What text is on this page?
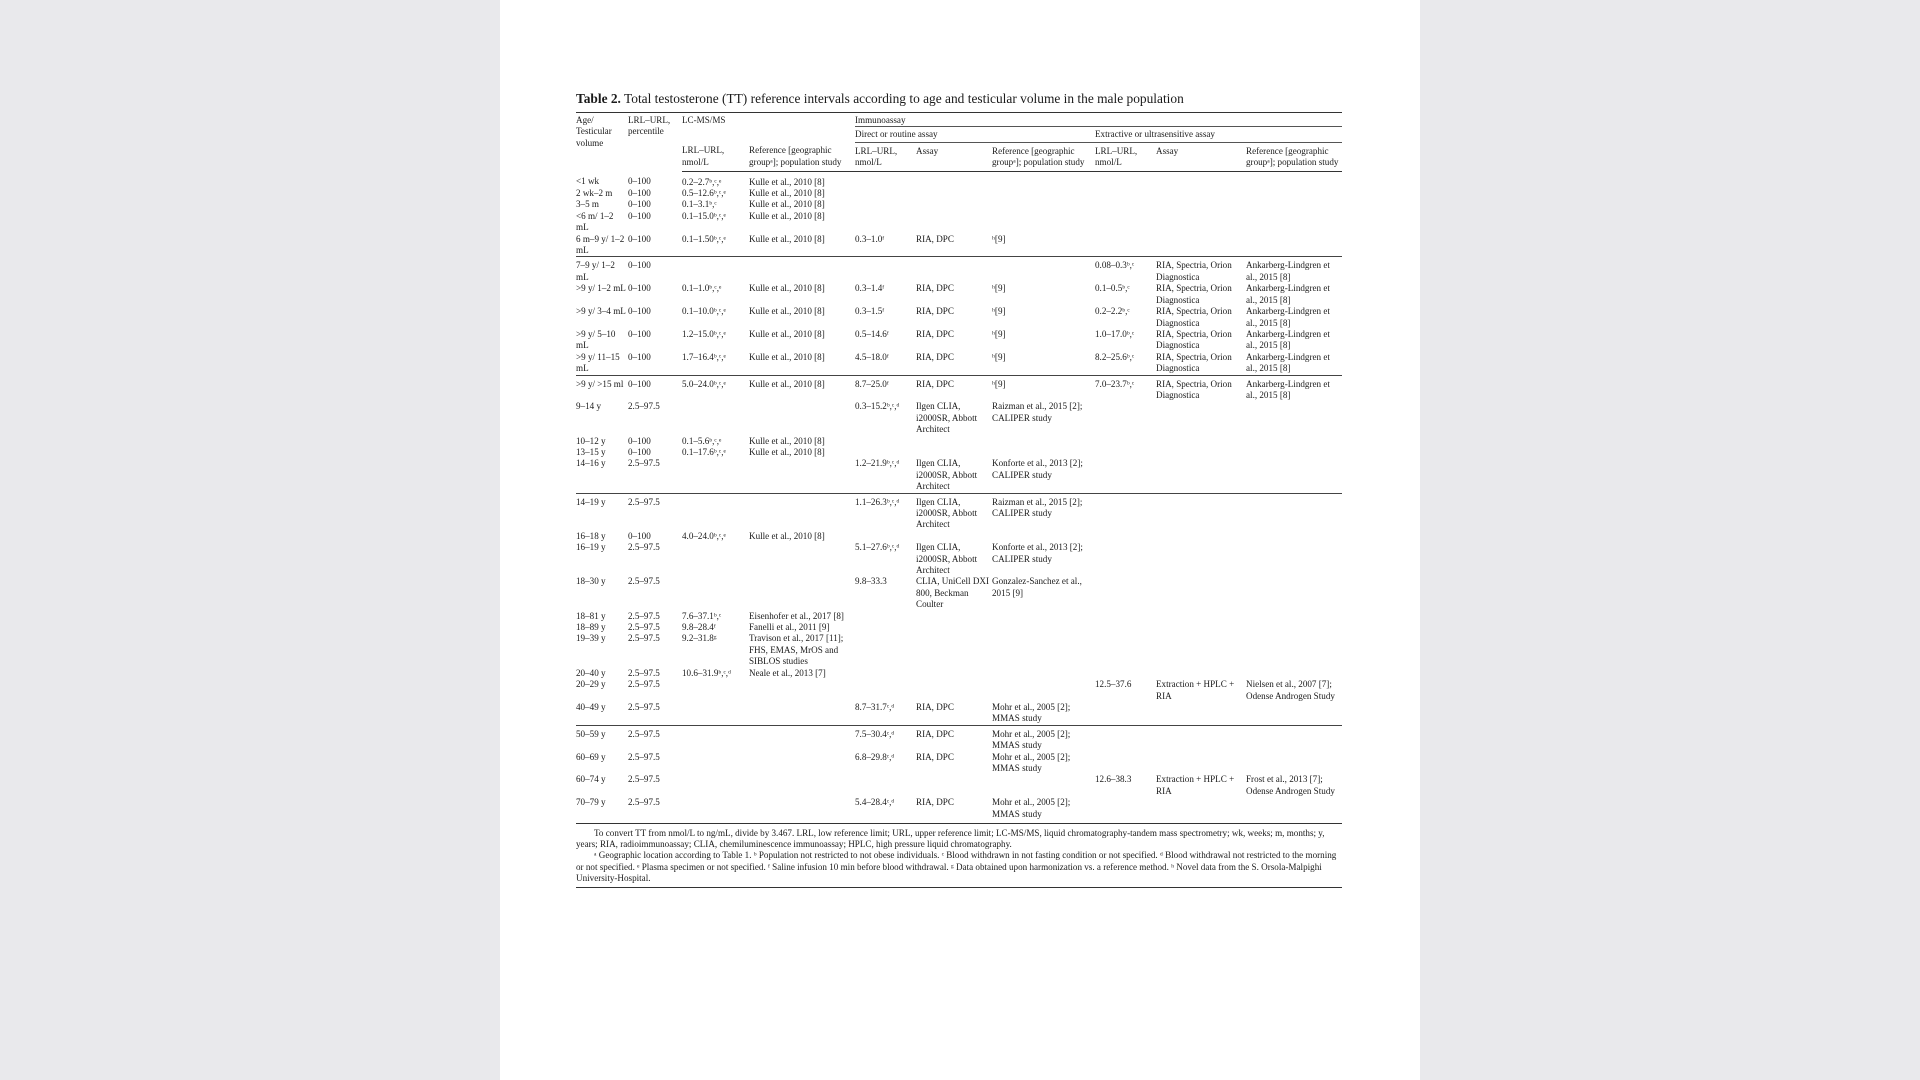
Table 2. Total testosterone (TT) reference intervals according to age and testicular volume in the male population

Age/ Testicular volume	LRL–URL, percentile	LC-MS/MS		Immunoassay					
				Direct or routine assay			Extractive or ultrasensitive assay		
		LRL–URL, nmol/L	Reference [geographic groupᵃ]; population study	LRL–URL, nmol/L	Assay	Reference [geographic groupᵃ]; population study	LRL–URL, nmol/L	Assay	Reference [geographic groupᵃ]; population study
<1 wk	0–100	0.2–2.7ᵇ,ᶜ,ᵉ	Kulle et al., 2010 [8]						
2 wk–2 m	0–100	0.5–12.6ᵇ,ᶜ,ᵉ	Kulle et al., 2010 [8]						
3–5 m	0–100	0.1–3.1ᵇ,ᶜ	Kulle et al., 2010 [8]						
<6 m/ 1–2 mL	0–100	0.1–15.0ᵇ,ᶜ,ᵉ	Kulle et al., 2010 [8]						
6 m–9 y/ 1–2 mL	0–100	0.1–1.50ᵇ,ᶜ,ᵉ	Kulle et al., 2010 [8]	0.3–1.0ᶠ	RIA, DPC	ʰ[9]			
7–9 y/ 1–2 mL	0–100						0.08–0.3ᵇ,ᶜ	RIA, Spectria, Orion Diagnostica	Ankarberg-Lindgren et al., 2015 [8]
>9 y/ 1–2 mL	0–100	0.1–1.0ᵇ,ᶜ,ᵉ	Kulle et al., 2010 [8]	0.3–1.4ᶠ	RIA, DPC	ʰ[9]	0.1–0.5ᵇ,ᶜ	RIA, Spectria, Orion Diagnostica	Ankarberg-Lindgren et al., 2015 [8]
>9 y/ 3–4 mL	0–100	0.1–10.0ᵇ,ᶜ,ᵉ	Kulle et al., 2010 [8]	0.3–1.5ᶠ	RIA, DPC	ʰ[9]	0.2–2.2ᵇ,ᶜ	RIA, Spectria, Orion Diagnostica	Ankarberg-Lindgren et al., 2015 [8]
>9 y/ 5–10 mL	0–100	1.2–15.0ᵇ,ᶜ,ᵉ	Kulle et al., 2010 [8]	0.5–14.6ᶠ	RIA, DPC	ʰ[9]	1.0–17.0ᵇ,ᶜ	RIA, Spectria, Orion Diagnostica	Ankarberg-Lindgren et al., 2015 [8]
>9 y/ 11–15 mL	0–100	1.7–16.4ᵇ,ᶜ,ᵉ	Kulle et al., 2010 [8]	4.5–18.0ᶠ	RIA, DPC	ʰ[9]	8.2–25.6ᵇ,ᶜ	RIA, Spectria, Orion Diagnostica	Ankarberg-Lindgren et al., 2015 [8]
>9 y/ >15 ml	0–100	5.0–24.0ᵇ,ᶜ,ᵉ	Kulle et al., 2010 [8]	8.7–25.0ᶠ	RIA, DPC	ʰ[9]	7.0–23.7ᵇ,ᶜ	RIA, Spectria, Orion Diagnostica	Ankarberg-Lindgren et al., 2015 [8]
9–14 y	2.5–97.5			0.3–15.2ᵇ,ᶜ,ᵈ	Ilgen CLIA, i2000SR, Abbott Architect	Raizman et al., 2015 [2]; CALIPER study			
10–12 y	0–100	0.1–5.6ᵇ,ᶜ,ᵉ	Kulle et al., 2010 [8]						
13–15 y	0–100	0.1–17.6ᵇ,ᶜ,ᵉ	Kulle et al., 2010 [8]						
14–16 y	2.5–97.5			1.2–21.9ᵇ,ᶜ,ᵈ	Ilgen CLIA, i2000SR, Abbott Architect	Konforte et al., 2013 [2]; CALIPER study			
14–19 y	2.5–97.5			1.1–26.3ᵇ,ᶜ,ᵈ	Ilgen CLIA, i2000SR, Abbott Architect	Raizman et al., 2015 [2]; CALIPER study			
16–18 y	0–100	4.0–24.0ᵇ,ᶜ,ᵉ	Kulle et al., 2010 [8]						
16–19 y	2.5–97.5			5.1–27.6ᵇ,ᶜ,ᵈ	Ilgen CLIA, i2000SR, Abbott Architect	Konforte et al., 2013 [2]; CALIPER study			
18–30 y	2.5–97.5			9.8–33.3	CLIA, UniCell DXI 800, Beckman Coulter	Gonzalez-Sanchez et al., 2015 [9]			
18–81 y	2.5–97.5	7.6–37.1ᵇ,ᶜ	Eisenhofer et al., 2017 [8]						
18–89 y	2.5–97.5	9.8–28.4ᶠ	Fanelli et al., 2011 [9]						
19–39 y	2.5–97.5	9.2–31.8ᵍ	Travison et al., 2017 [11]; FHS, EMAS, MrOS and SIBLOS studies						
20–40 y	2.5–97.5	10.6–31.9ᵇ,ᶜ,ᵈ	Neale et al., 2013 [7]						
20–29 y	2.5–97.5						12.5–37.6	Extraction + HPLC + RIA	Nielsen et al., 2007 [7]; Odense Androgen Study
40–49 y	2.5–97.5			8.7–31.7ᶜ,ᵈ	RIA, DPC	Mohr et al., 2005 [2]; MMAS study			
50–59 y	2.5–97.5			7.5–30.4ᶜ,ᵈ	RIA, DPC	Mohr et al., 2005 [2]; MMAS study			
60–69 y	2.5–97.5			6.8–29.8ᶜ,ᵈ	RIA, DPC	Mohr et al., 2005 [2]; MMAS study			
60–74 y	2.5–97.5						12.6–38.3	Extraction + HPLC + RIA	Frost et al., 2013 [7]; Odense Androgen Study
70–79 y	2.5–97.5			5.4–28.4ᶜ,ᵈ	RIA, DPC	Mohr et al., 2005 [2]; MMAS study			

To convert TT from nmol/L to ng/mL, divide by 3.467. LRL, low reference limit; URL, upper reference limit; LC-MS/MS, liquid chromatography-tandem mass spectrometry; wk, weeks; m, months; y, years; RIA, radioimmunoassay; CLIA, chemiluminescence immunoassay; HPLC, high pressure liquid chromatography.

ᵃ Geographic location according to Table 1. ᵇ Population not restricted to not obese individuals. ᶜ Blood withdrawn in not fasting condition or not specified. ᵈ Blood withdrawal not restricted to the morning or not specified. ᵉ Plasma specimen or not specified. ᶠ Saline infusion 10 min before blood withdrawal. ᵍ Data obtained upon harmonization vs. a reference method. ʰ Novel data from the S. Orsola-Malpighi University-Hospital.
